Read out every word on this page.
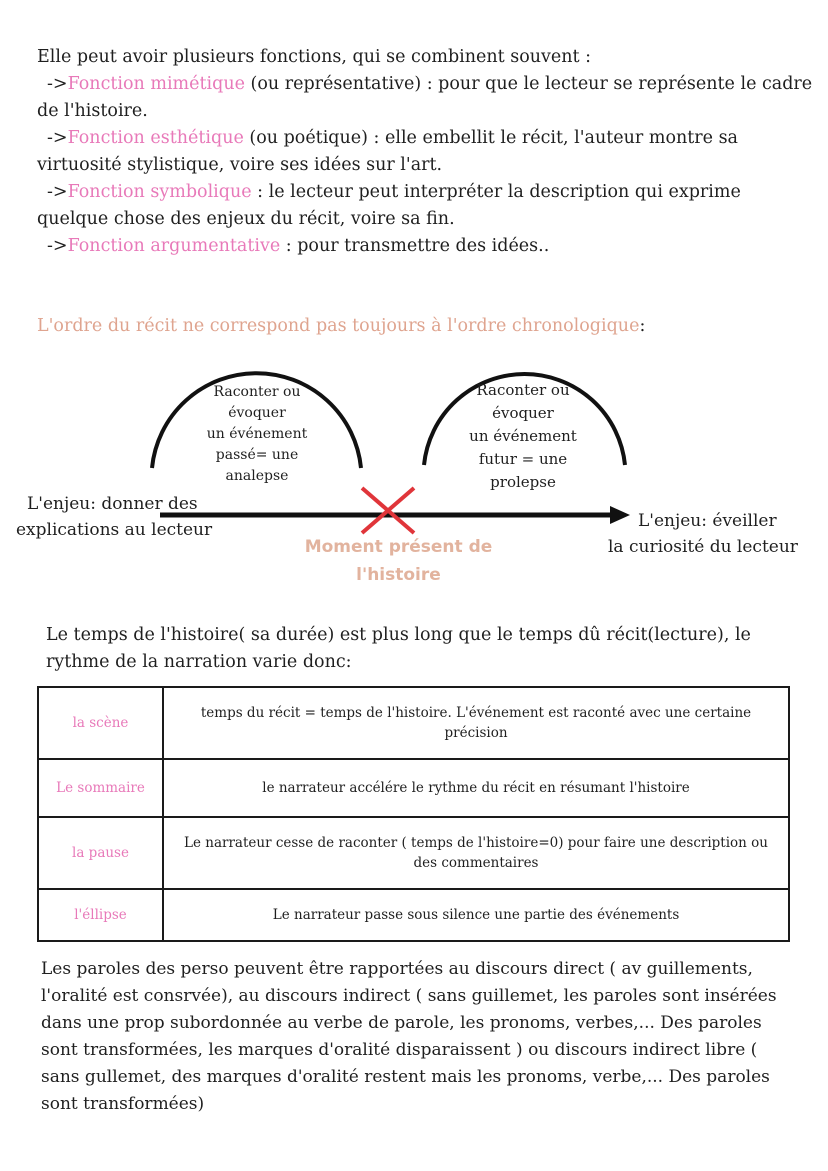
Elle peut avoir plusieurs fonctions, qui se combinent souvent :
->Fonction mimétique (ou représentative) : pour que le lecteur se représente le cadre
de l'histoire.
->Fonction esthétique (ou poétique) : elle embellit le récit, l'auteur montre sa
virtuosité stylistique, voire ses idées sur l'art.
->Fonction symbolique : le lecteur peut interpréter la description qui exprime
quelque chose des enjeux du récit, voire sa fin.
->Fonction argumentative : pour transmettre des idées..
L'ordre du récit ne correspond pas toujours à l'ordre chronologique:
Raconter ou
évoquer
un événement
passé= une
analepse
Raconter ou
évoquer
un événement
futur = une
prolepse
L'enjeu: donner des
explications au lecteur	L'enjeu: éveiller
la curiosité du lecteur
Moment présent de
l'histoire
Le temps de l'histoire( sa durée) est plus long que le temps dû récit(lecture), le
rythme de la narration varie donc:
la scène	temps du récit = temps de l'histoire. L'événement est raconté avec une certaine précision
Le sommaire	le narrateur accélére le rythme du récit en résumant l'histoire
la pause	Le narrateur cesse de raconter ( temps de l'histoire=0) pour faire une description ou des commentaires
l'éllipse	Le narrateur passe sous silence une partie des événements
Les paroles des perso peuvent être rapportées au discours direct ( av guillements,
l'oralité est consrvée), au discours indirect ( sans guillemet, les paroles sont insérées
dans une prop subordonnée au verbe de parole, les pronoms, verbes,... Des paroles
sont transformées, les marques d'oralité disparaissent ) ou discours indirect libre (
sans gullemet, des marques d'oralité restent mais les pronoms, verbe,... Des paroles
sont transformées)
